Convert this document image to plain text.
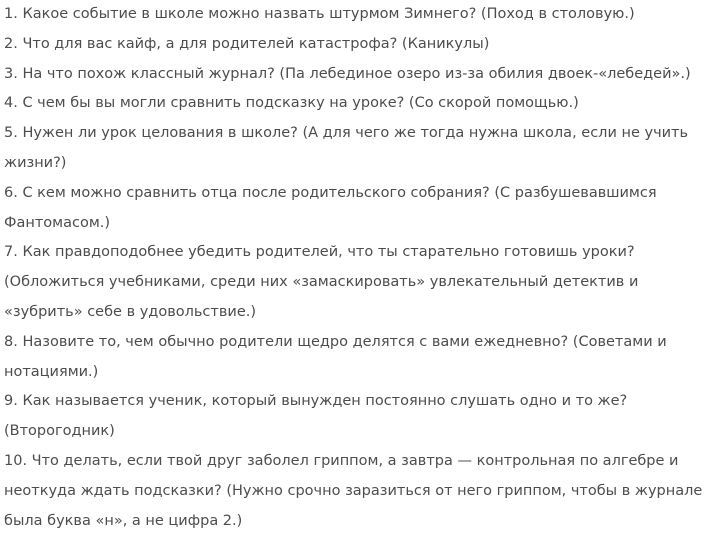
1. Какое событие в школе можно назвать штурмом Зимнего? (Поход в столовую.)
2. Что для вас кайф, а для родителей катастрофа? (Каникулы)
3. На что похож классный журнал? (Па лебединое озеро из-за обилия двоек-«лебедей».)
4. С чем бы вы могли сравнить подсказку на уроке? (Со скорой помощью.)
5. Нужен ли урок целования в школе? (А для чего же тогда нужна школа, если не учить
жизни?)
6. С кем можно сравнить отца после родительского собрания? (С разбушевавшимся
Фантомасом.)
7. Как правдоподобнее убедить родителей, что ты старательно готовишь уроки?
(Обложиться учебниками, среди них «замаскировать» увлекательный детектив и
«зубрить» себе в удовольствие.)
8. Назовите то, чем обычно родители щедро делятся с вами ежедневно? (Советами и
нотациями.)
9. Как называется ученик, который вынужден постоянно слушать одно и то же?
(Второгодник)
10. Что делать, если твой друг заболел гриппом, а завтра — контрольная по алгебре и
неоткуда ждать подсказки? (Нужно срочно заразиться от него гриппом, чтобы в журнале
была буква «н», а не цифра 2.)
